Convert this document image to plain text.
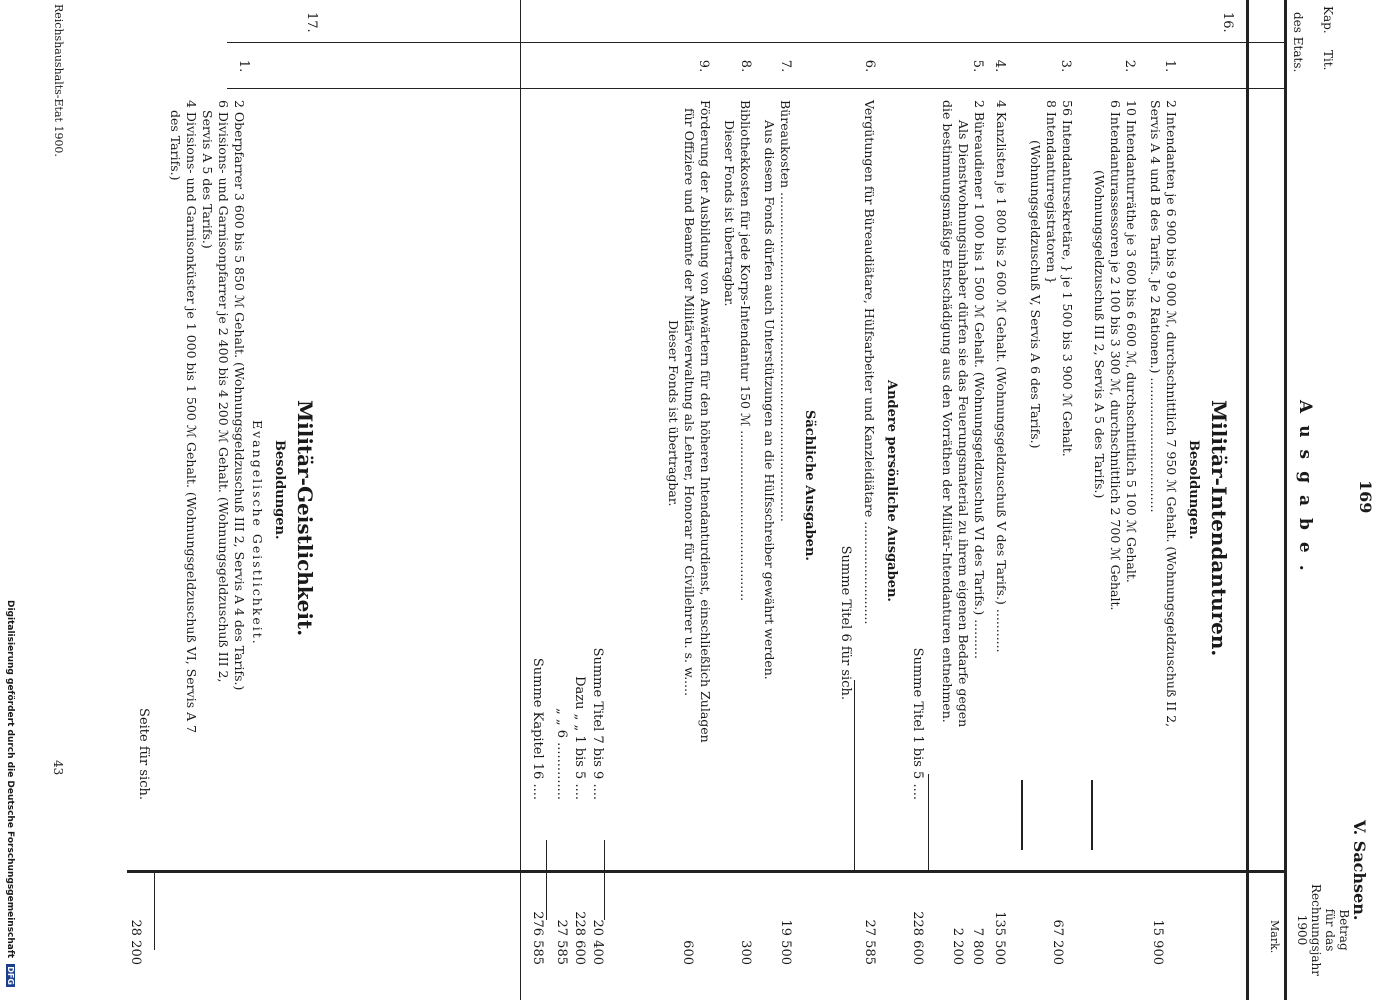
169
V. Sachsen.
Ausgabe.
Kap.
Tit.
des Etats.
Betrag
für das
Rechnungsjahr
1900
Mark.
16.
Militär-Intendanturen.
Besoldungen.
1.
2 Intendanten je 6 900 bis 9 000 ℳ, durchschnittlich 7 950 ℳ Gehalt. (Wohnungsgeldzuschuß II 2,
Servis A 4 und B des Tarifs. Je 2 Rationen.) ..................................
15 900
2.
10 Intendanturräthe je 3 600 bis 6 600 ℳ, durchschnittlich 5 100 ℳ Gehalt.
6 Intendanturassessoren je 2 100 bis 3 300 ℳ, durchschnittlich 2 700 ℳ Gehalt.
(Wohnungsgeldzuschuß III 2, Servis A 5 des Tarifs.)
3.
56 Intendantursekretäre, } je 1 500 bis 3 900 ℳ Gehalt.
8 Intendanturregistratoren }
(Wohnungsgeldzuschuß V, Servis A 6 des Tarifs.)
67 200
4.
4 Kanzlisten je 1 800 bis 2 600 ℳ Gehalt. (Wohnungsgeldzuschuß V des Tarifs.) ...........
135 500
5.
2 Büreaudiener 1 000 bis 1 500 ℳ Gehalt. (Wohnungsgeldzuschuß VI des Tarifs.) ..........
Als Dienstwohnungsinhaber dürfen sie das Feuerungsmaterial zu ihrem eigenen Bedarfe gegen
die bestimmungsmäßige Entschädigung aus den Vorräthen der Militär-Intendanturen entnehmen.
7 800
2 200
Summe Titel 1 bis 5 ....
228 600
Andere persönliche Ausgaben.
6.
Vergütungen für Büreaudiätare, Hülfsarbeiter und Kanzleidiätare ..........................
27 585
Summe Titel 6 für sich.
Sächliche Ausgaben.
7.
Büreaukosten ...................................................................................
Aus diesem Fonds dürfen auch Unterstützungen an die Hülfsschreiber gewährt werden.
19 500
8.
Bibliothekkosten für jede Korps-Intendantur 150 ℳ ...........................................
Dieser Fonds ist übertragbar.
300
9.
Förderung der Ausbildung von Anwärtern für den höheren Intendanturdienst, einschließlich Zulagen
für Offiziere und Beamte der Militärverwaltung als Lehrer, Honorar für Civillehrer u. s. w.....
Dieser Fonds ist übertragbar.
600
Summe Titel 7 bis 9 ....
20 400
Dazu „ „ 1 bis 5 ....
228 600
„ „ 6 ..............
27 585
Summe Kapitel 16 ....
276 585
17.
Militär-Geistlichkeit.
Besoldungen.
Evangelische Geistlichkeit.
1.
2 Oberpfarrer 3 600 bis 5 850 ℳ Gehalt. (Wohnungsgeldzuschuß III 2, Servis A 4 des Tarifs.)
6 Divisions- und Garnisonpfarrer je 2 400 bis 4 200 ℳ Gehalt. (Wohnungsgeldzuschuß III 2,
Servis A 5 des Tarifs.)
4 Divisions- und Garnisonküster je 1 000 bis 1 500 ℳ Gehalt. (Wohnungsgeldzuschuß VI, Servis A 7
des Tarifs.)
Seite für sich.
28 200
Reichshaushalts-Etat 1900.
43
Digitalisierung gefördert durch die Deutsche Forschungsgemeinschaft DFG
